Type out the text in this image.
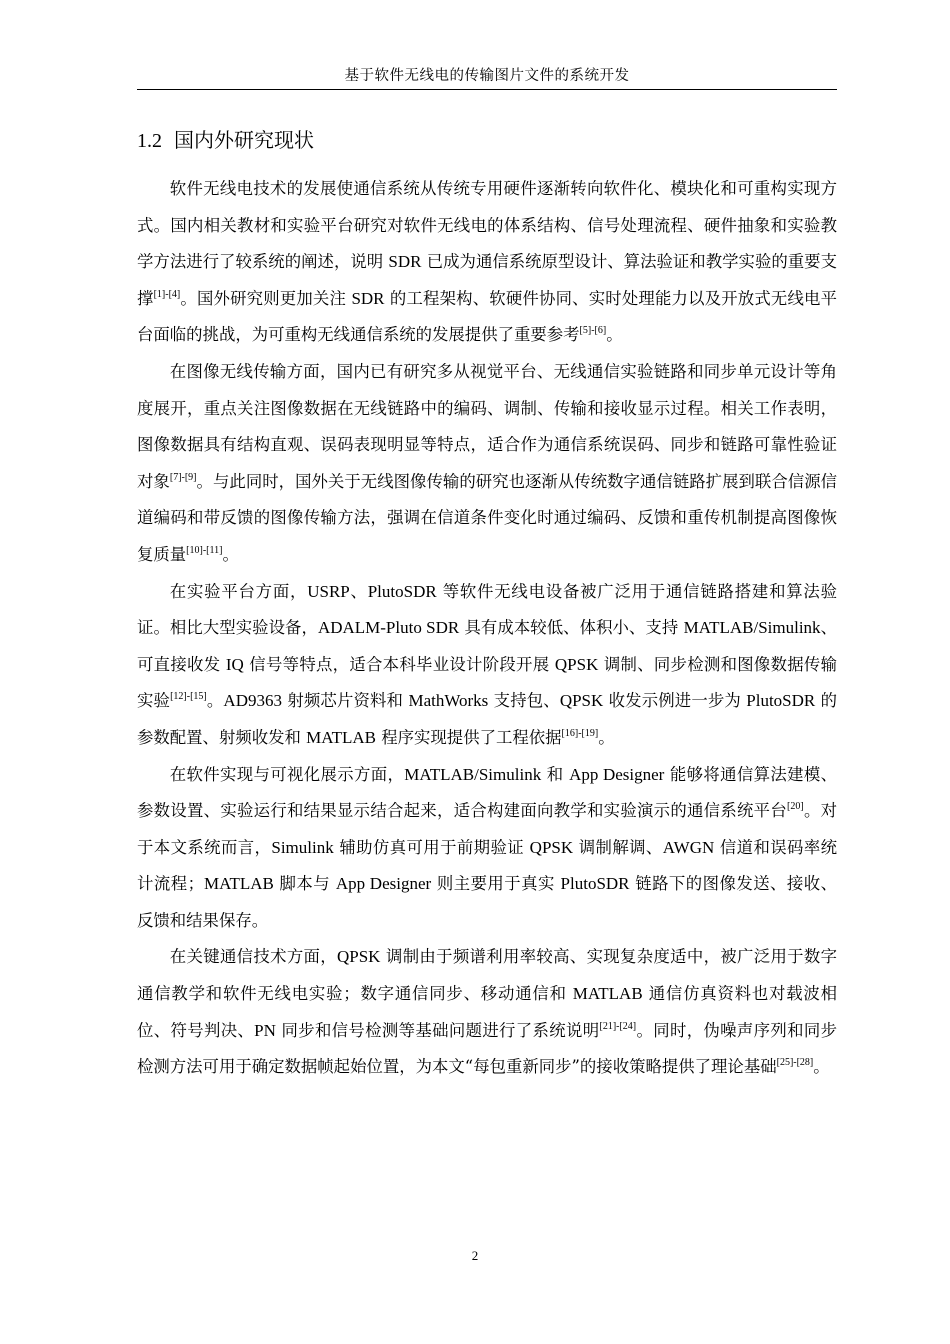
基于软件无线电的传输图片文件的系统开发
1.2 国内外研究现状

软件无线电技术的发展使通信系统从传统专用硬件逐渐转向软件化、模块化和可重构实现方式。国内相关教材和实验平台研究对软件无线电的体系结构、信号处理流程、硬件抽象和实验教学方法进行了较系统的阐述，说明 SDR 已成为通信系统原型设计、算法验证和教学实验的重要支撑[1]-[4]。国外研究则更加关注 SDR 的工程架构、软硬件协同、实时处理能力以及开放式无线电平台面临的挑战，为可重构无线通信系统的发展提供了重要参考[5]-[6]。

在图像无线传输方面，国内已有研究多从视觉平台、无线通信实验链路和同步单元设计等角度展开，重点关注图像数据在无线链路中的编码、调制、传输和接收显示过程。相关工作表明，图像数据具有结构直观、误码表现明显等特点，适合作为通信系统误码、同步和链路可靠性验证对象[7]-[9]。与此同时，国外关于无线图像传输的研究也逐渐从传统数字通信链路扩展到联合信源信道编码和带反馈的图像传输方法，强调在信道条件变化时通过编码、反馈和重传机制提高图像恢复质量[10]-[11]。

在实验平台方面，USRP、PlutoSDR 等软件无线电设备被广泛用于通信链路搭建和算法验证。相比大型实验设备，ADALM-Pluto SDR 具有成本较低、体积小、支持 MATLAB/Simulink、可直接收发 IQ 信号等特点，适合本科毕业设计阶段开展 QPSK 调制、同步检测和图像数据传输实验[12]-[15]。AD9363 射频芯片资料和 MathWorks 支持包、QPSK 收发示例进一步为 PlutoSDR 的参数配置、射频收发和 MATLAB 程序实现提供了工程依据[16]-[19]。

在软件实现与可视化展示方面，MATLAB/Simulink 和 App Designer 能够将通信算法建模、参数设置、实验运行和结果显示结合起来，适合构建面向教学和实验演示的通信系统平台[20]。对于本文系统而言，Simulink 辅助仿真可用于前期验证 QPSK 调制解调、AWGN 信道和误码率统计流程；MATLAB 脚本与 App Designer 则主要用于真实 PlutoSDR 链路下的图像发送、接收、反馈和结果保存。

在关键通信技术方面，QPSK 调制由于频谱利用率较高、实现复杂度适中，被广泛用于数字通信教学和软件无线电实验；数字通信同步、移动通信和 MATLAB 通信仿真资料也对载波相位、符号判决、PN 同步和信号检测等基础问题进行了系统说明[21]-[24]。同时，伪噪声序列和同步检测方法可用于确定数据帧起始位置，为本文“每包重新同步”的接收策略提供了理论基础[25]-[28]。

2
